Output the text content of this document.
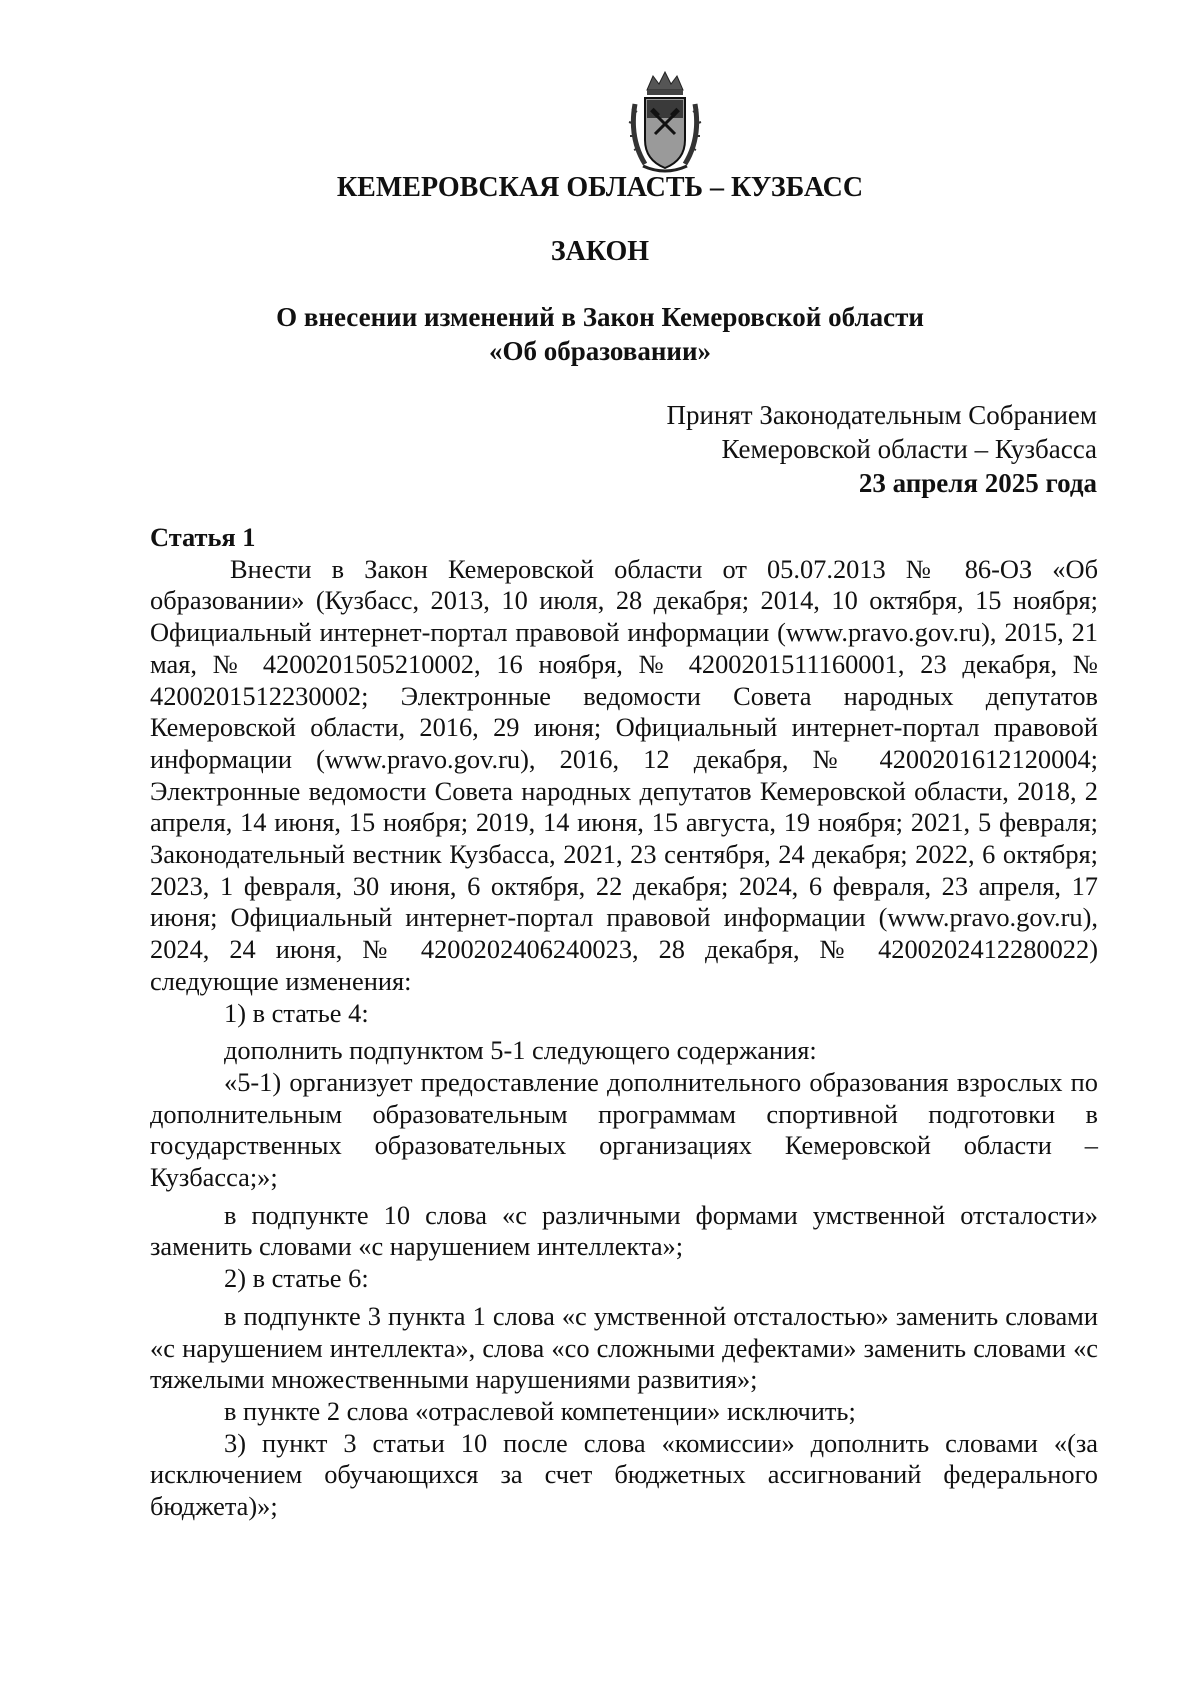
КЕМЕРОВСКАЯ ОБЛАСТЬ – КУЗБАСС
ЗАКОН
О внесении изменений в Закон Кемеровской области
«Об образовании»
Принят Законодательным Собранием
Кемеровской области – Кузбасса
23 апреля 2025 года

Статья 1

Внести в Закон Кемеровской области от 05.07.2013 № 86-ОЗ «Об образовании» (Кузбасс, 2013, 10 июля, 28 декабря; 2014, 10 октября, 15 ноября; Официальный интернет-портал правовой информации (www.pravo.gov.ru), 2015, 21 мая, № 4200201505210002, 16 ноября, № 4200201511160001, 23 декабря, № 4200201512230002; Электронные ведомости Совета народных депутатов Кемеровской области, 2016, 29 июня; Официальный интернет-портал правовой информации (www.pravo.gov.ru), 2016, 12 декабря, № 4200201612120004; Электронные ведомости Совета народных депутатов Кемеровской области, 2018, 2 апреля, 14 июня, 15 ноября; 2019, 14 июня, 15 августа, 19 ноября; 2021, 5 февраля; Законодательный вестник Кузбасса, 2021, 23 сентября, 24 декабря; 2022, 6 октября; 2023, 1 февраля, 30 июня, 6 октября, 22 декабря; 2024, 6 февраля, 23 апреля, 17 июня; Официальный интернет-портал правовой информации (www.pravo.gov.ru), 2024, 24 июня, № 4200202406240023, 28 декабря, № 4200202412280022) следующие изменения:

1) в статье 4:

дополнить подпунктом 5-1 следующего содержания:

«5-1) организует предоставление дополнительного образования взрослых по дополнительным образовательным программам спортивной подготовки в государственных образовательных организациях Кемеровской области – Кузбасса;»;

в подпункте 10 слова «с различными формами умственной отсталости» заменить словами «с нарушением интеллекта»;

2) в статье 6:

в подпункте 3 пункта 1 слова «с умственной отсталостью» заменить словами «с нарушением интеллекта», слова «со сложными дефектами» заменить словами «с тяжелыми множественными нарушениями развития»;

в пункте 2 слова «отраслевой компетенции» исключить;

3) пункт 3 статьи 10 после слова «комиссии» дополнить словами «(за исключением обучающихся за счет бюджетных ассигнований федерального бюджета)»;
